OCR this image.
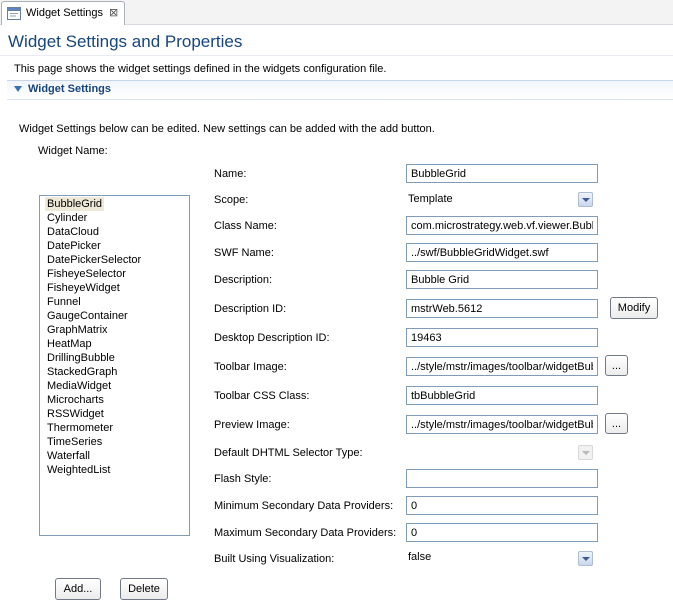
Widget Settings ⊠
Widget Settings and Properties
This page shows the widget settings defined in the widgets configuration file.
Widget Settings
Widget Settings below can be edited. New settings can be added with the add button.
Widget Name:
BubbleGrid
Cylinder
DataCloud
DatePicker
DatePickerSelector
FisheyeSelector
FisheyeWidget
Funnel
GaugeContainer
GraphMatrix
HeatMap
DrillingBubble
StackedGraph
MediaWidget
Microcharts
RSSWidget
Thermometer
TimeSeries
Waterfall
WeightedList
Add...	Delete
Name:
BubbleGrid
Scope:	Template
Class Name:
com.microstrategy.web.vf.viewer.BubbleGrid
SWF Name:
../swf/BubbleGridWidget.swf
Description:
Bubble Grid
Description ID:
mstrWeb.5612	Modify
Desktop Description ID:
19463
Toolbar Image:
../style/mstr/images/toolbar/widgetBubbleGrid.gif	...
Toolbar CSS Class:
tbBubbleGrid
Preview Image:
../style/mstr/images/toolbar/widgetBubbleGridPreview.gif	...
Default DHTML Selector Type:
Flash Style:
Minimum Secondary Data Providers:
0
Maximum Secondary Data Providers:
0
Built Using Visualization:	false
